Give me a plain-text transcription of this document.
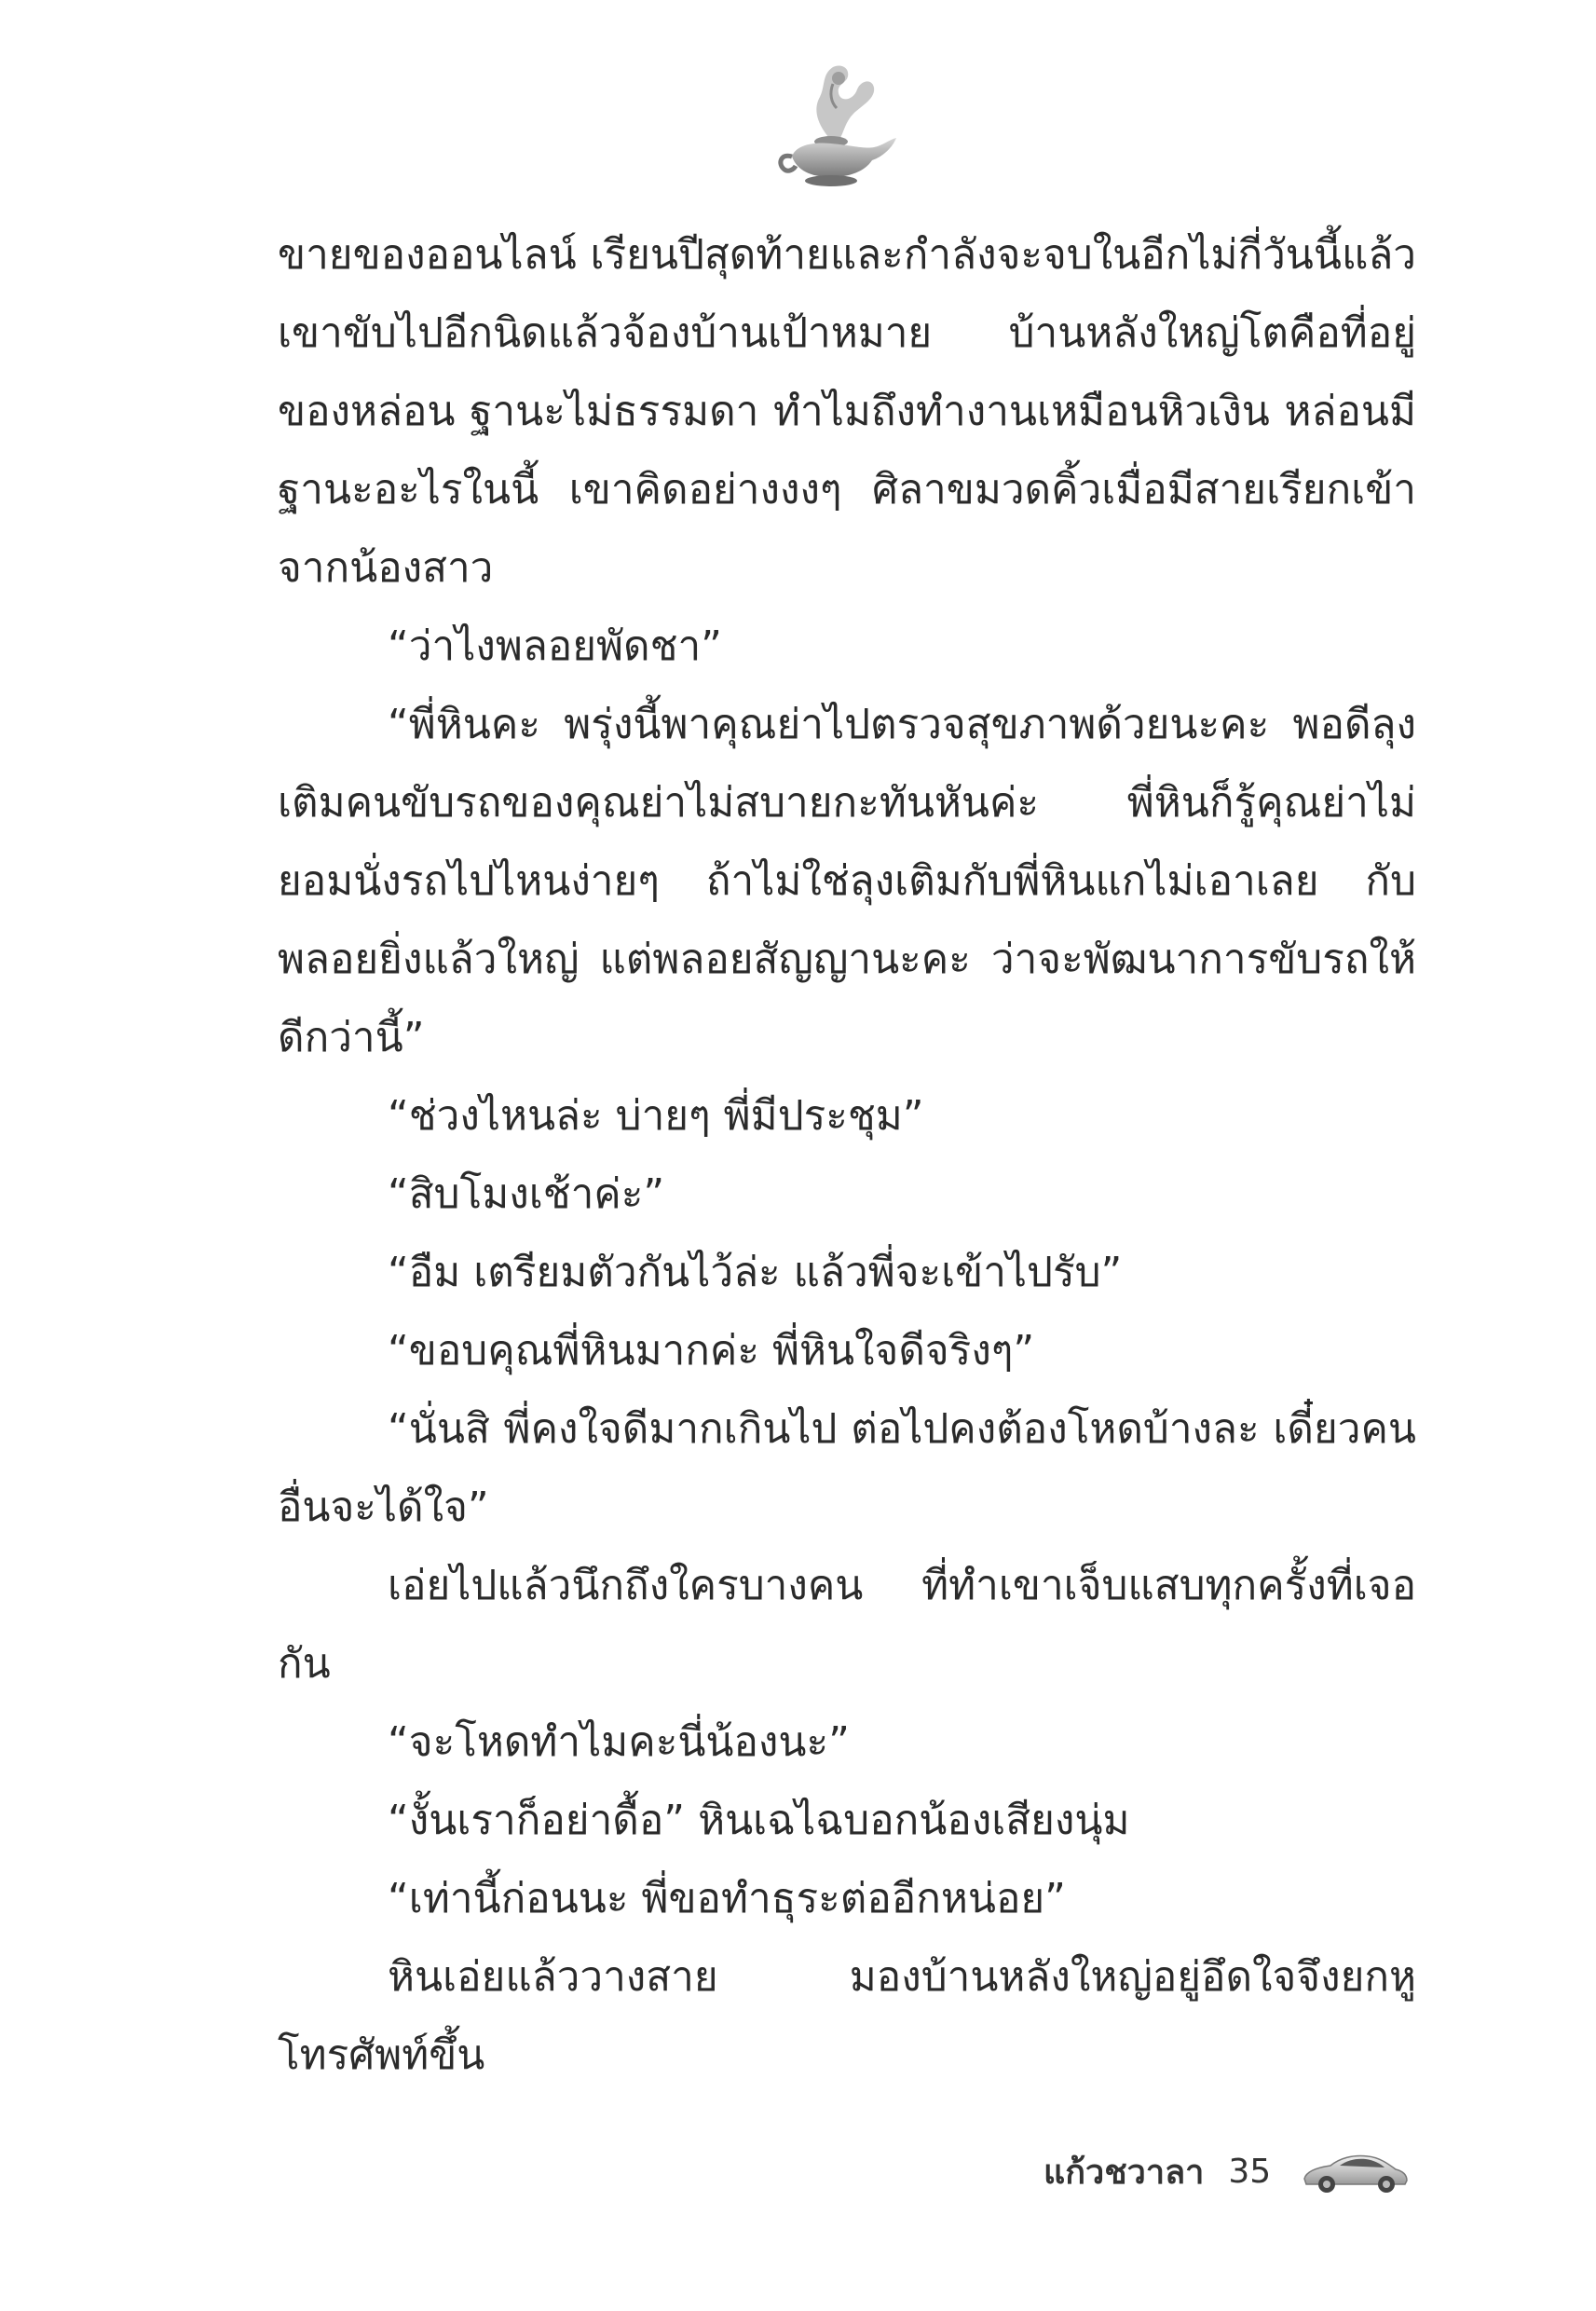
ขายของออนไลน์ เรียนปีสุดท้ายและกำลังจะจบในอีกไม่กี่วันนี้แล้ว เขาขับไปอีกนิดแล้วจ้องบ้านเป้าหมาย บ้านหลังใหญ่โตคือที่อยู่ของหล่อน ฐานะไม่ธรรมดา ทำไมถึงทำงานเหมือนหิวเงิน หล่อนมีฐานะอะไรในนี้ เขาคิดอย่างงงๆ ศิลาขมวดคิ้วเมื่อมีสายเรียกเข้าจากน้องสาว

“ว่าไงพลอยพัดชา”

“พี่หินคะ พรุ่งนี้พาคุณย่าไปตรวจสุขภาพด้วยนะคะ พอดีลุงเติมคนขับรถของคุณย่าไม่สบายกะทันหันค่ะ พี่หินก็รู้คุณย่าไม่ยอมนั่งรถไปไหนง่ายๆ ถ้าไม่ใช่ลุงเติมกับพี่หินแกไม่เอาเลย กับพลอยยิ่งแล้วใหญ่ แต่พลอยสัญญานะคะ ว่าจะพัฒนาการขับรถให้ดีกว่านี้”

“ช่วงไหนล่ะ บ่ายๆ พี่มีประชุม”

“สิบโมงเช้าค่ะ”

“อืม เตรียมตัวกันไว้ล่ะ แล้วพี่จะเข้าไปรับ”

“ขอบคุณพี่หินมากค่ะ พี่หินใจดีจริงๆ”

“นั่นสิ พี่คงใจดีมากเกินไป ต่อไปคงต้องโหดบ้างละ เดี๋ยวคนอื่นจะได้ใจ”

เอ่ยไปแล้วนึกถึงใครบางคน ที่ทำเขาเจ็บแสบทุกครั้งที่เจอกัน

“จะโหดทำไมคะนี่น้องนะ”

“งั้นเราก็อย่าดื้อ” หินเฉไฉบอกน้องเสียงนุ่ม

“เท่านี้ก่อนนะ พี่ขอทำธุระต่ออีกหน่อย”

หินเอ่ยแล้ววางสาย มองบ้านหลังใหญ่อยู่อึดใจจึงยกหูโทรศัพท์ขึ้น

แก้วชวาลา 35
